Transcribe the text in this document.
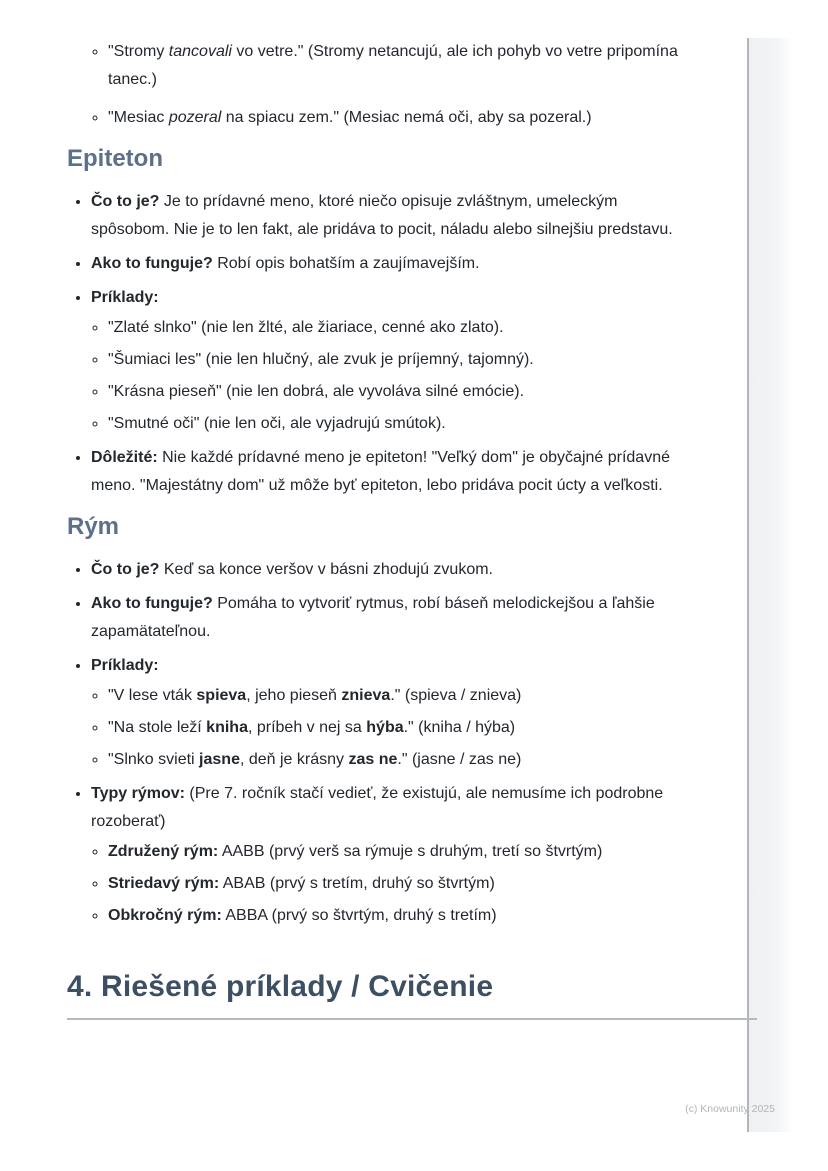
◦ "Stromy tancovali vo vetre." (Stromy netancujú, ale ich pohyb vo vetre pripomína tanec.)
◦ "Mesiac pozeral na spiacu zem." (Mesiac nemá oči, aby sa pozeral.)
Epiteton
• Čo to je? Je to prídavné meno, ktoré niečo opisuje zvláštnym, umeleckým spôsobom. Nie je to len fakt, ale pridáva to pocit, náladu alebo silnejšiu predstavu.
• Ako to funguje? Robí opis bohatším a zaujímavejším.
• Príklady:
◦ "Zlaté slnko" (nie len žlté, ale žiariace, cenné ako zlato).
◦ "Šumiaci les" (nie len hlučný, ale zvuk je príjemný, tajomný).
◦ "Krásna pieseň" (nie len dobrá, ale vyvoláva silné emócie).
◦ "Smutné oči" (nie len oči, ale vyjadrujú smútok).
• Dôležité: Nie každé prídavné meno je epiteton! "Veľký dom" je obyčajné prídavné meno. "Majestátny dom" už môže byť epiteton, lebo pridáva pocit úcty a veľkosti.
Rým
• Čo to je? Keď sa konce veršov v básni zhodujú zvukom.
• Ako to funguje? Pomáha to vytvoriť rytmus, robí báseň melodickejšou a ľahšie zapamätateľnou.
• Príklady:
◦ "V lese vták spieva, jeho pieseň znieva." (spieva / znieva)
◦ "Na stole leží kniha, príbeh v nej sa hýba." (kniha / hýba)
◦ "Slnko svieti jasne, deň je krásny zas ne." (jasne / zas ne)
• Typy rýmov: (Pre 7. ročník stačí vedieť, že existujú, ale nemusíme ich podrobne rozoberať)
◦ Združený rým: AABB (prvý verš sa rýmuje s druhým, tretí so štvrtým)
◦ Striedavý rým: ABAB (prvý s tretím, druhý so štvrtým)
◦ Obkročný rým: ABBA (prvý so štvrtým, druhý s tretím)
4. Riešené príklady / Cvičenie
(c) Knowunity 2025
